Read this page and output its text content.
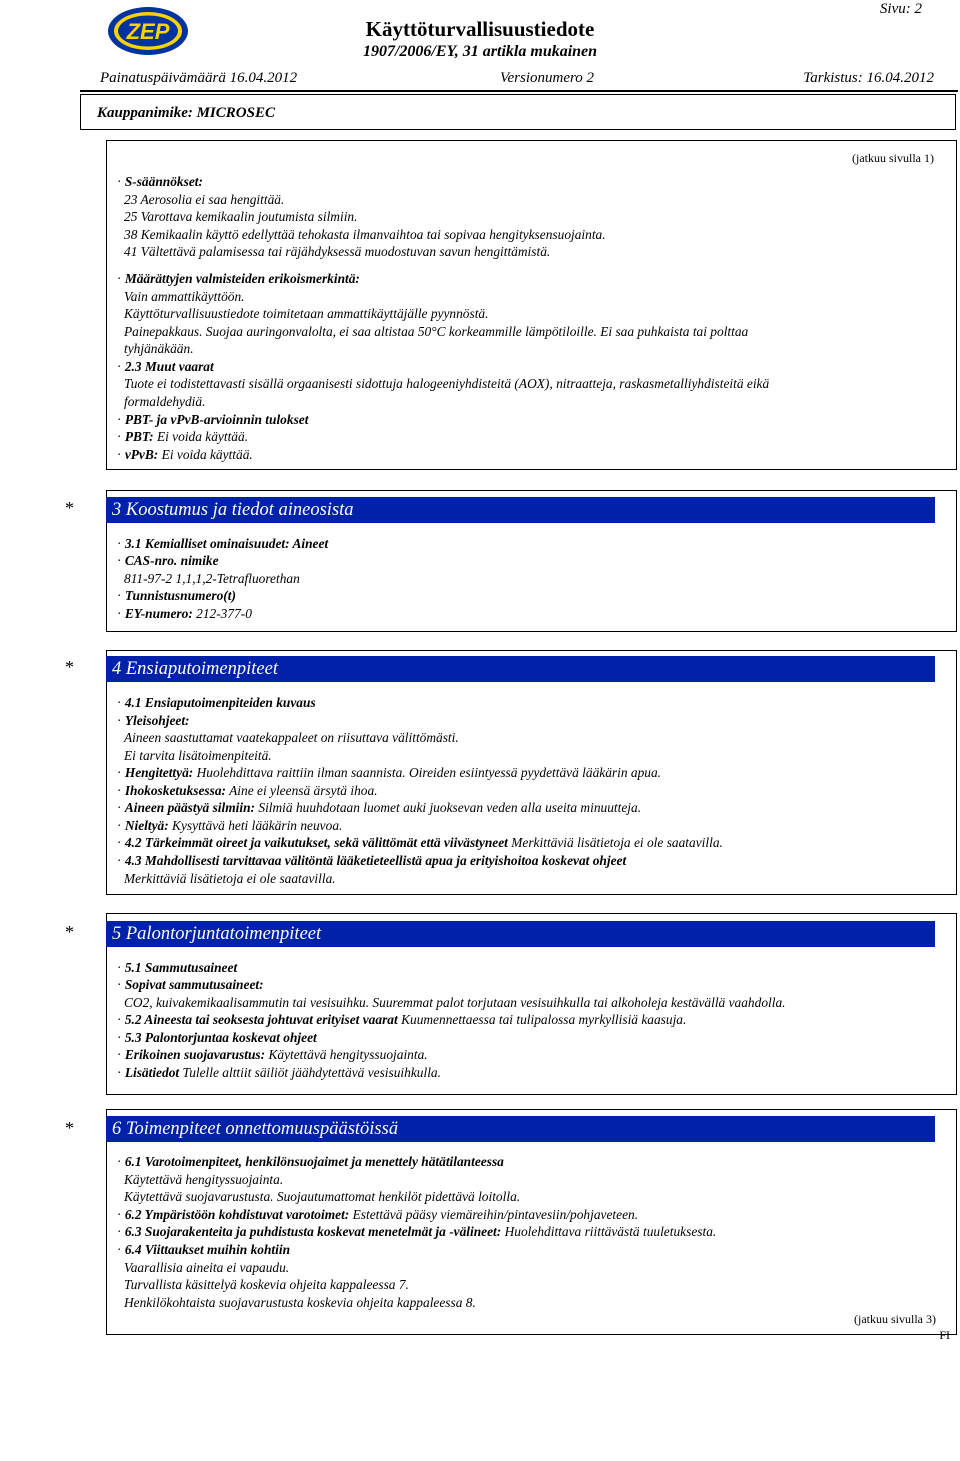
ZEP
Sivu: 2
Käyttöturvallisuustiedote
1907/2006/EY, 31 artikla mukainen
Painatuspäivämäärä 16.04.2012	Versionumero 2	Tarkistus: 16.04.2012
Kauppanimike: MICROSEC
(jatkuu sivulla 1)
· S-säännökset:
23 Aerosolia ei saa hengittää.
25 Varottava kemikaalin joutumista silmiin.
38 Kemikaalin käyttö edellyttää tehokasta ilmanvaihtoa tai sopivaa hengityksensuojainta.
41 Vältettävä palamisessa tai räjähdyksessä muodostuvan savun hengittämistä.
· Määrättyjen valmisteiden erikoismerkintä:
Vain ammattikäyttöön.
Käyttöturvallisuustiedote toimitetaan ammattikäyttäjälle pyynnöstä.
Painepakkaus. Suojaa auringonvalolta, ei saa altistaa 50°C korkeammille lämpötiloille. Ei saa puhkaista tai polttaa
tyhjänäkään.
· 2.3 Muut vaarat
Tuote ei todistettavasti sisällä orgaanisesti sidottuja halogeeniyhdisteitä (AOX), nitraatteja, raskasmetalliyhdisteitä eikä
formaldehydiä.
· PBT- ja vPvB-arvioinnin tulokset
· PBT: Ei voida käyttää.
· vPvB: Ei voida käyttää.
*	3 Koostumus ja tiedot aineosista
· 3.1 Kemialliset ominaisuudet: Aineet
· CAS-nro. nimike
811-97-2 1,1,1,2-Tetrafluorethan
· Tunnistusnumero(t)
· EY-numero: 212-377-0
*	4 Ensiaputoimenpiteet
· 4.1 Ensiaputoimenpiteiden kuvaus
· Yleisohjeet:
Aineen saastuttamat vaatekappaleet on riisuttava välittömästi.
Ei tarvita lisätoimenpiteitä.
· Hengitettyä: Huolehdittava raittiin ilman saannista. Oireiden esiintyessä pyydettävä lääkärin apua.
· Ihokosketuksessa: Aine ei yleensä ärsytä ihoa.
· Aineen päästyä silmiin: Silmiä huuhdotaan luomet auki juoksevan veden alla useita minuutteja.
· Nieltyä: Kysyttävä heti lääkärin neuvoa.
· 4.2 Tärkeimmät oireet ja vaikutukset, sekä välittömät että viivästyneet Merkittäviä lisätietoja ei ole saatavilla.
· 4.3 Mahdollisesti tarvittavaa välitöntä lääketieteellistä apua ja erityishoitoa koskevat ohjeet
Merkittäviä lisätietoja ei ole saatavilla.
*	5 Palontorjuntatoimenpiteet
· 5.1 Sammutusaineet
· Sopivat sammutusaineet:
CO2, kuivakemikaalisammutin tai vesisuihku. Suuremmat palot torjutaan vesisuihkulla tai alkoholeja kestävällä vaahdolla.
· 5.2 Aineesta tai seoksesta johtuvat erityiset vaarat Kuumennettaessa tai tulipalossa myrkyllisiä kaasuja.
· 5.3 Palontorjuntaa koskevat ohjeet
· Erikoinen suojavarustus: Käytettävä hengityssuojainta.
· Lisätiedot Tulelle alttiit säiliöt jäähdytettävä vesisuihkulla.
*	6 Toimenpiteet onnettomuuspäästöissä
· 6.1 Varotoimenpiteet, henkilönsuojaimet ja menettely hätätilanteessa
Käytettävä hengityssuojainta.
Käytettävä suojavarustusta. Suojautumattomat henkilöt pidettävä loitolla.
· 6.2 Ympäristöön kohdistuvat varotoimet: Estettävä pääsy viemäreihin/pintavesiin/pohjaveteen.
· 6.3 Suojarakenteita ja puhdistusta koskevat menetelmät ja -välineet: Huolehdittava riittävästä tuuletuksesta.
· 6.4 Viittaukset muihin kohtiin
Vaarallisia aineita ei vapaudu.
Turvallista käsittelyä koskevia ohjeita kappaleessa 7.
Henkilökohtaista suojavarustusta koskevia ohjeita kappaleessa 8.
(jatkuu sivulla 3)
FI
